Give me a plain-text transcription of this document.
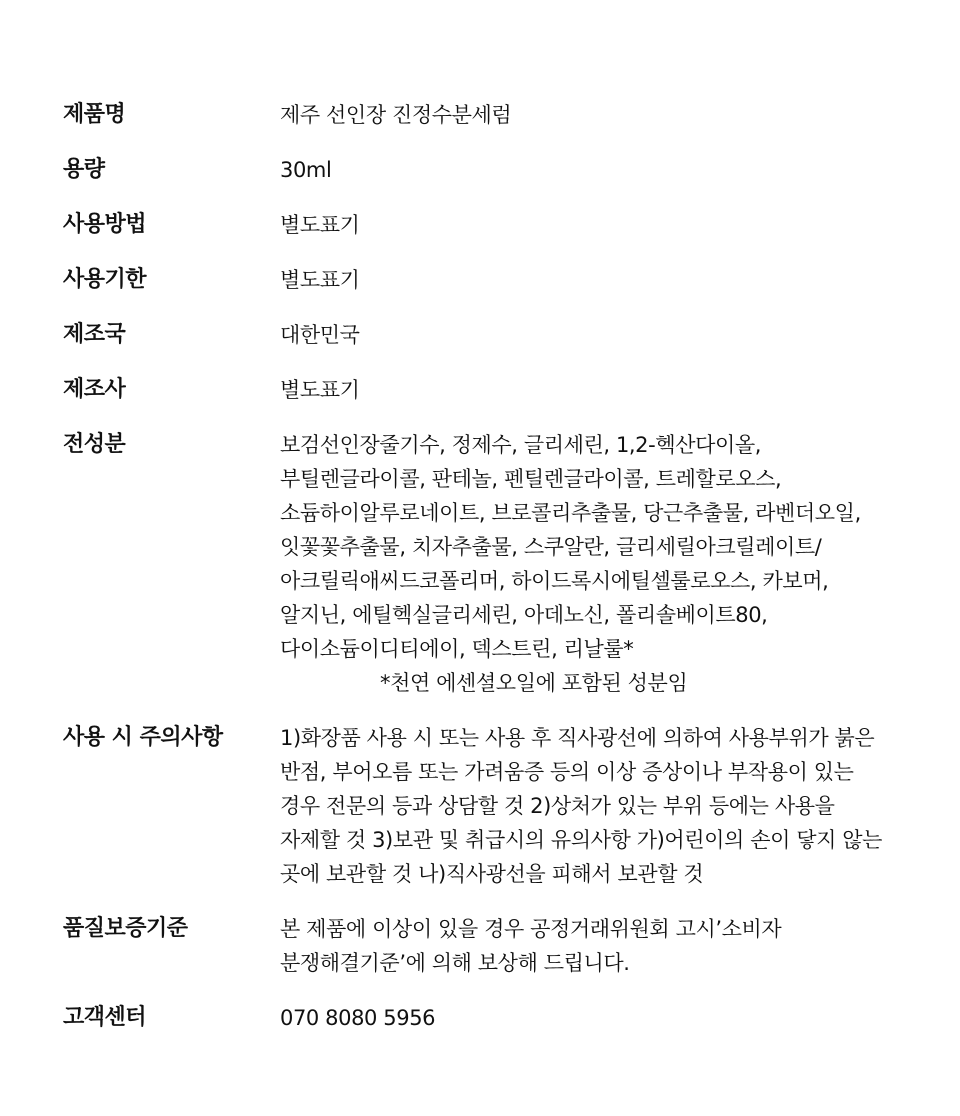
제품명	제주 선인장 진정수분세럼
용량	30ml
사용방법	별도표기
사용기한	별도표기
제조국	대한민국
제조사	별도표기
전성분	보검선인장줄기수, 정제수, 글리세린, 1,2-헥산다이올, 부틸렌글라이콜, 판테놀, 펜틸렌글라이콜, 트레할로오스, 소듐하이알루로네이트, 브로콜리추출물, 당근추출물, 라벤더오일, 잇꽃꽃추출물, 치자추출물, 스쿠알란, 글리세릴아크릴레이트/아크릴릭애씨드코폴리머, 하이드록시에틸셀룰로오스, 카보머, 알지닌, 에틸헥실글리세린, 아데노신, 폴리솔베이트80, 다이소듐이디티에이, 덱스트린, 리날룰**천연 에센셜오일에 포함된 성분임
사용 시 주의사항	1)화장품 사용 시 또는 사용 후 직사광선에 의하여 사용부위가 붉은 반점, 부어오름 또는 가려움증 등의 이상 증상이나 부작용이 있는 경우 전문의 등과 상담할 것 2)상처가 있는 부위 등에는 사용을 자제할 것 3)보관 및 취급시의 유의사항 가)어린이의 손이 닿지 않는 곳에 보관할 것 나)직사광선을 피해서 보관할 것
품질보증기준	본 제품에 이상이 있을 경우 공정거래위원회 고시’소비자 분쟁해결기준’에 의해 보상해 드립니다.
고객센터	070 8080 5956
